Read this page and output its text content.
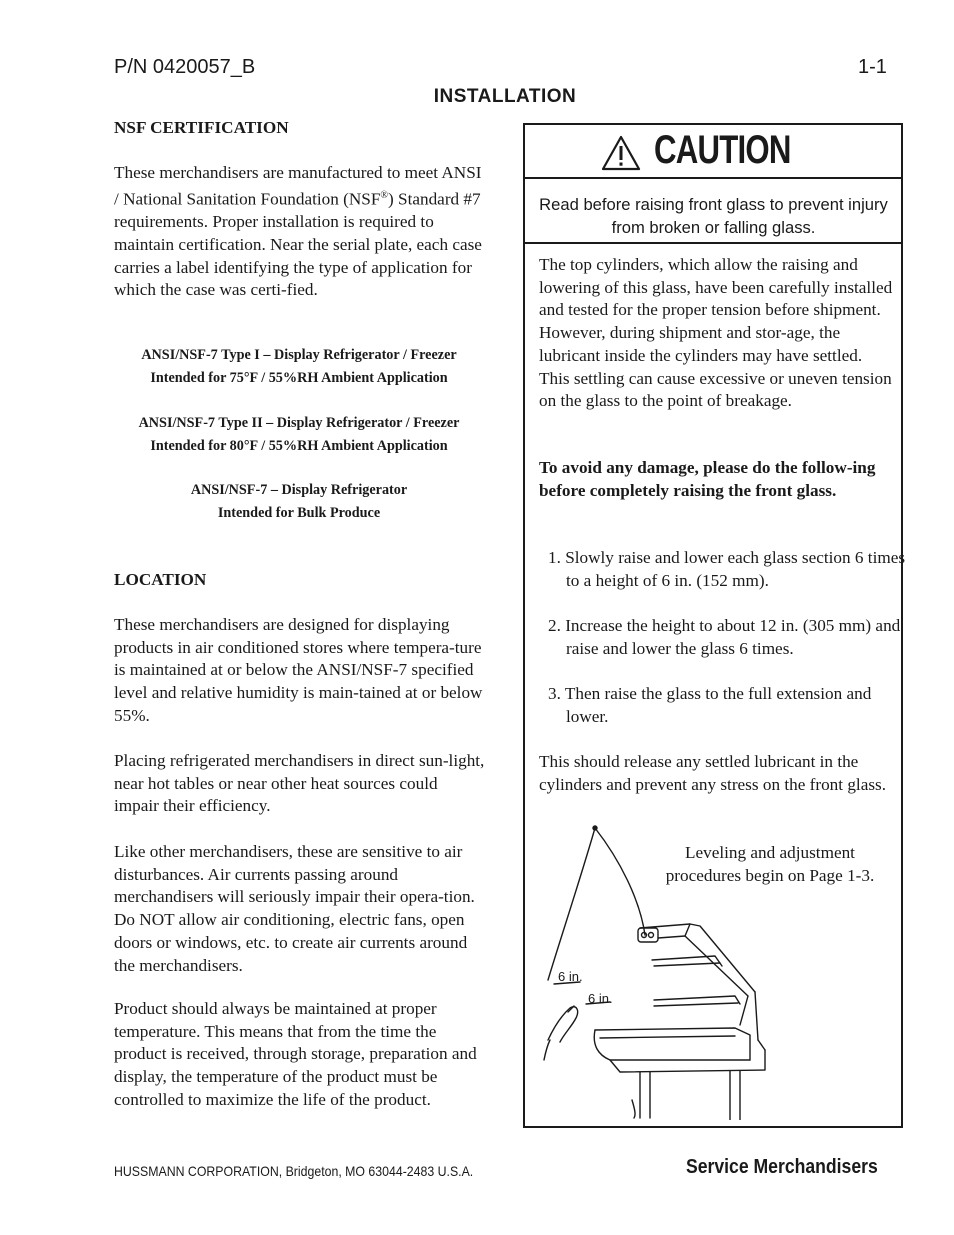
P/N 0420057_B	1-1
INSTALLATION
NSF CERTIFICATION
These merchandisers are manufactured to meet ANSI / National Sanitation Foundation (NSF®) Standard #7 requirements. Proper installation is required to maintain certification. Near the serial plate, each case carries a label identifying the type of application for which the case was certi-fied.
ANSI/NSF-7 Type I – Display Refrigerator / Freezer
Intended for 75°F / 55%RH Ambient Application
ANSI/NSF-7 Type II – Display Refrigerator / Freezer
Intended for 80°F / 55%RH Ambient Application
ANSI/NSF-7 – Display Refrigerator
Intended for Bulk Produce
LOCATION
These merchandisers are designed for displaying products in air conditioned stores where tempera-ture is maintained at or below the ANSI/NSF-7 specified level and relative humidity is main-tained at or below 55%.
Placing refrigerated merchandisers in direct sun-light, near hot tables or near other heat sources could impair their efficiency.
Like other merchandisers, these are sensitive to air disturbances. Air currents passing around merchandisers will seriously impair their opera-tion. Do NOT allow air conditioning, electric fans, open doors or windows, etc. to create air currents around the merchandisers.
Product should always be maintained at proper temperature. This means that from the time the product is received, through storage, preparation and display, the temperature of the product must be controlled to maximize the life of the product.
CAUTION
Read before raising front glass to prevent injury from broken or falling glass.
The top cylinders, which allow the raising and lowering of this glass, have been carefully installed and tested for the proper tension before shipment. However, during shipment and stor-age, the lubricant inside the cylinders may have settled. This settling can cause excessive or uneven tension on the glass to the point of breakage.
To avoid any damage, please do the follow-ing before completely raising the front glass.
1. Slowly raise and lower each glass section 6 times to a height of 6 in. (152 mm).
2. Increase the height to about 12 in. (305 mm) and raise and lower the glass 6 times.
3. Then raise the glass to the full extension and lower.
This should release any settled lubricant in the cylinders and prevent any stress on the front glass.
Leveling and adjustment procedures begin on Page 1-3.
6 in.
6 in.
HUSSMANN CORPORATION, Bridgeton, MO 63044-2483 U.S.A.	Service Merchandisers
